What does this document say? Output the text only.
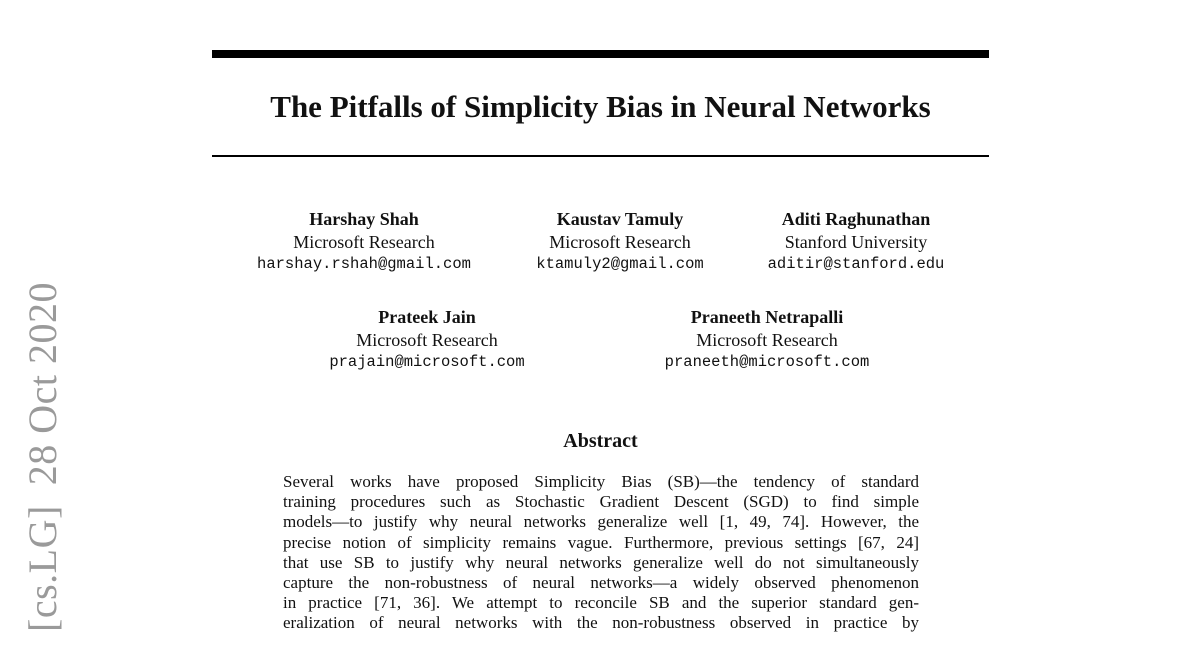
[cs.LG]28 Oct 2020
The Pitfalls of Simplicity Bias in Neural Networks
Harshay Shah
Microsoft Research
harshay.rshah@gmail.com
Kaustav Tamuly
Microsoft Research
ktamuly2@gmail.com
Aditi Raghunathan
Stanford University
aditir@stanford.edu
Prateek Jain
Microsoft Research
prajain@microsoft.com
Praneeth Netrapalli
Microsoft Research
praneeth@microsoft.com
Abstract
Several works have proposed Simplicity Bias (SB)—the tendency of standard
training procedures such as Stochastic Gradient Descent (SGD) to find simple
models—to justify why neural networks generalize well [1, 49, 74]. However, the
precise notion of simplicity remains vague. Furthermore, previous settings [67, 24]
that use SB to justify why neural networks generalize well do not simultaneously
capture the non-robustness of neural networks—a widely observed phenomenon
in practice [71, 36]. We attempt to reconcile SB and the superior standard gen-
eralization of neural networks with the non-robustness observed in practice by
